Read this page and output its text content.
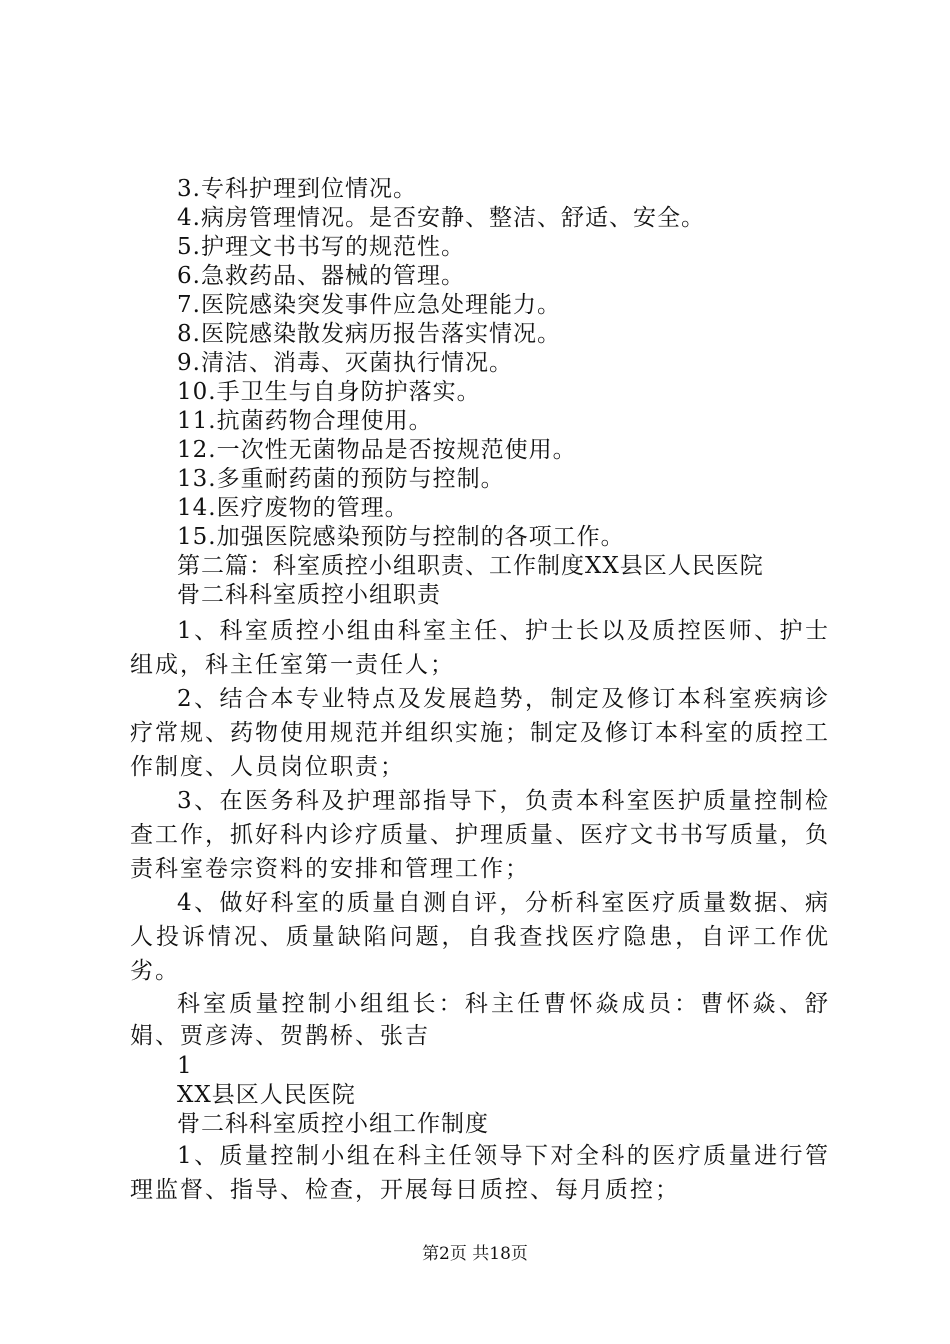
3.专科护理到位情况。
4.病房管理情况。是否安静、整洁、舒适、安全。
5.护理文书书写的规范性。
6.急救药品、器械的管理。
7.医院感染突发事件应急处理能力。
8.医院感染散发病历报告落实情况。
9.清洁、消毒、灭菌执行情况。
10.手卫生与自身防护落实。
11.抗菌药物合理使用。
12.一次性无菌物品是否按规范使用。
13.多重耐药菌的预防与控制。
14.医疗废物的管理。
15.加强医院感染预防与控制的各项工作。
第二篇：科室质控小组职责、工作制度XX县区人民医院
骨二科科室质控小组职责
1、科室质控小组由科室主任、护士长以及质控医师、护士组成，科主任室第一责任人；
2、结合本专业特点及发展趋势，制定及修订本科室疾病诊疗常规、药物使用规范并组织实施；制定及修订本科室的质控工作制度、人员岗位职责；
3、在医务科及护理部指导下，负责本科室医护质量控制检查工作，抓好科内诊疗质量、护理质量、医疗文书书写质量，负责科室卷宗资料的安排和管理工作；
4、做好科室的质量自测自评，分析科室医疗质量数据、病人投诉情况、质量缺陷问题，自我查找医疗隐患，自评工作优劣。
科室质量控制小组组长：科主任曹怀焱成员：曹怀焱、舒娟、贾彦涛、贺鹊桥、张吉
1
XX县区人民医院
骨二科科室质控小组工作制度
1、质量控制小组在科主任领导下对全科的医疗质量进行管理监督、指导、检查，开展每日质控、每月质控；
第2页 共18页
